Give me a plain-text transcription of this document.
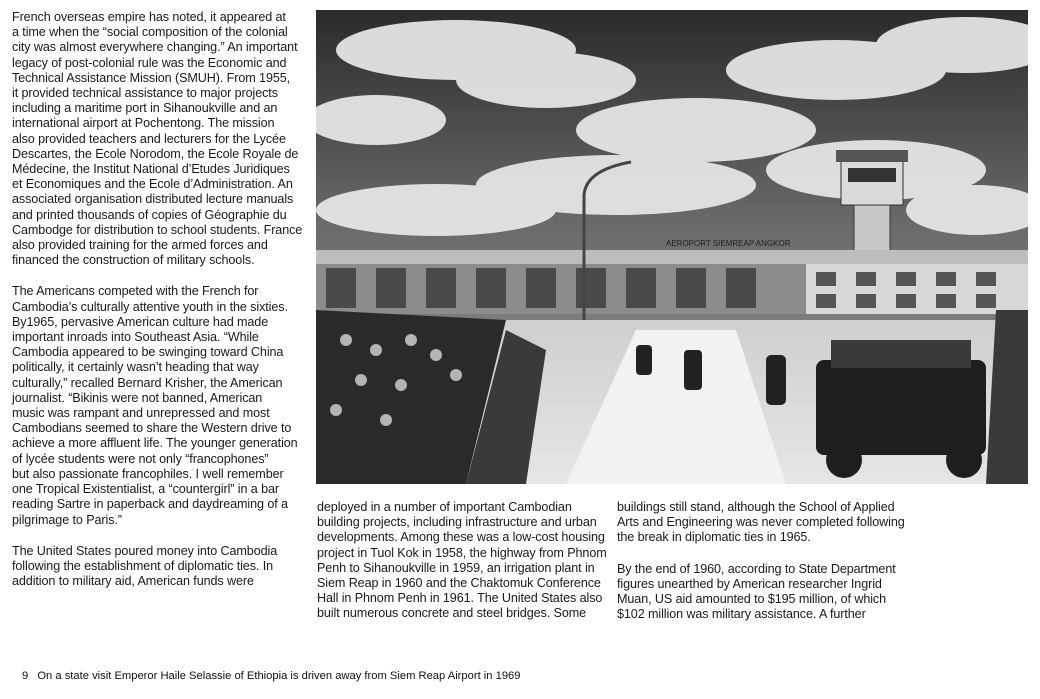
French overseas empire has noted, it appeared at
a time when the “social composition of the colonial
city was almost everywhere changing.” An important
legacy of post-colonial rule was the Economic and
Technical Assistance Mission (SMUH). From 1955,
it provided technical assistance to major projects
including a maritime port in Sihanoukville and an
international airport at Pochentong. The mission
also provided teachers and lecturers for the Lycée
Descartes, the Ecole Norodom, the Ecole Royale de
Médecine, the Institut National d’Etudes Juridiques
et Economiques and the Ecole d’Administration. An
associated organisation distributed lecture manuals
and printed thousands of copies of Géographie du
Cambodge for distribution to school students. France
also provided training for the armed forces and
financed the construction of military schools.

The Americans competed with the French for
Cambodia’s culturally attentive youth in the sixties.
By1965, pervasive American culture had made
important inroads into Southeast Asia. “While
Cambodia appeared to be swinging toward China
politically, it certainly wasn’t heading that way
culturally,” recalled Bernard Krisher, the American
journalist. “Bikinis were not banned, American
music was rampant and unrepressed and most
Cambodians seemed to share the Western drive to
achieve a more affluent life. The younger generation
of lycée students were not only “francophones”
but also passionate francophiles. I well remember
one Tropical Existentialist, a “countergirl” in a bar
reading Sartre in paperback and daydreaming of a
pilgrimage to Paris.”

The United States poured money into Cambodia
following the establishment of diplomatic ties. In
addition to military aid, American funds were

AEROPORT SIEMREAP ANGKOR

deployed in a number of important Cambodian
building projects, including infrastructure and urban
developments. Among these was a low-cost housing
project in Tuol Kok in 1958, the highway from Phnom
Penh to Sihanoukville in 1959, an irrigation plant in
Siem Reap in 1960 and the Chaktomuk Conference
Hall in Phnom Penh in 1961. The United States also
built numerous concrete and steel bridges. Some

buildings still stand, although the School of Applied
Arts and Engineering was never completed following
the break in diplomatic ties in 1965.

By the end of 1960, according to State Department
figures unearthed by American researcher Ingrid
Muan, US aid amounted to $195 million, of which
$102 million was military assistance. A further

9 On a state visit Emperor Haile Selassie of Ethiopia is driven away from Siem Reap Airport in 1969
